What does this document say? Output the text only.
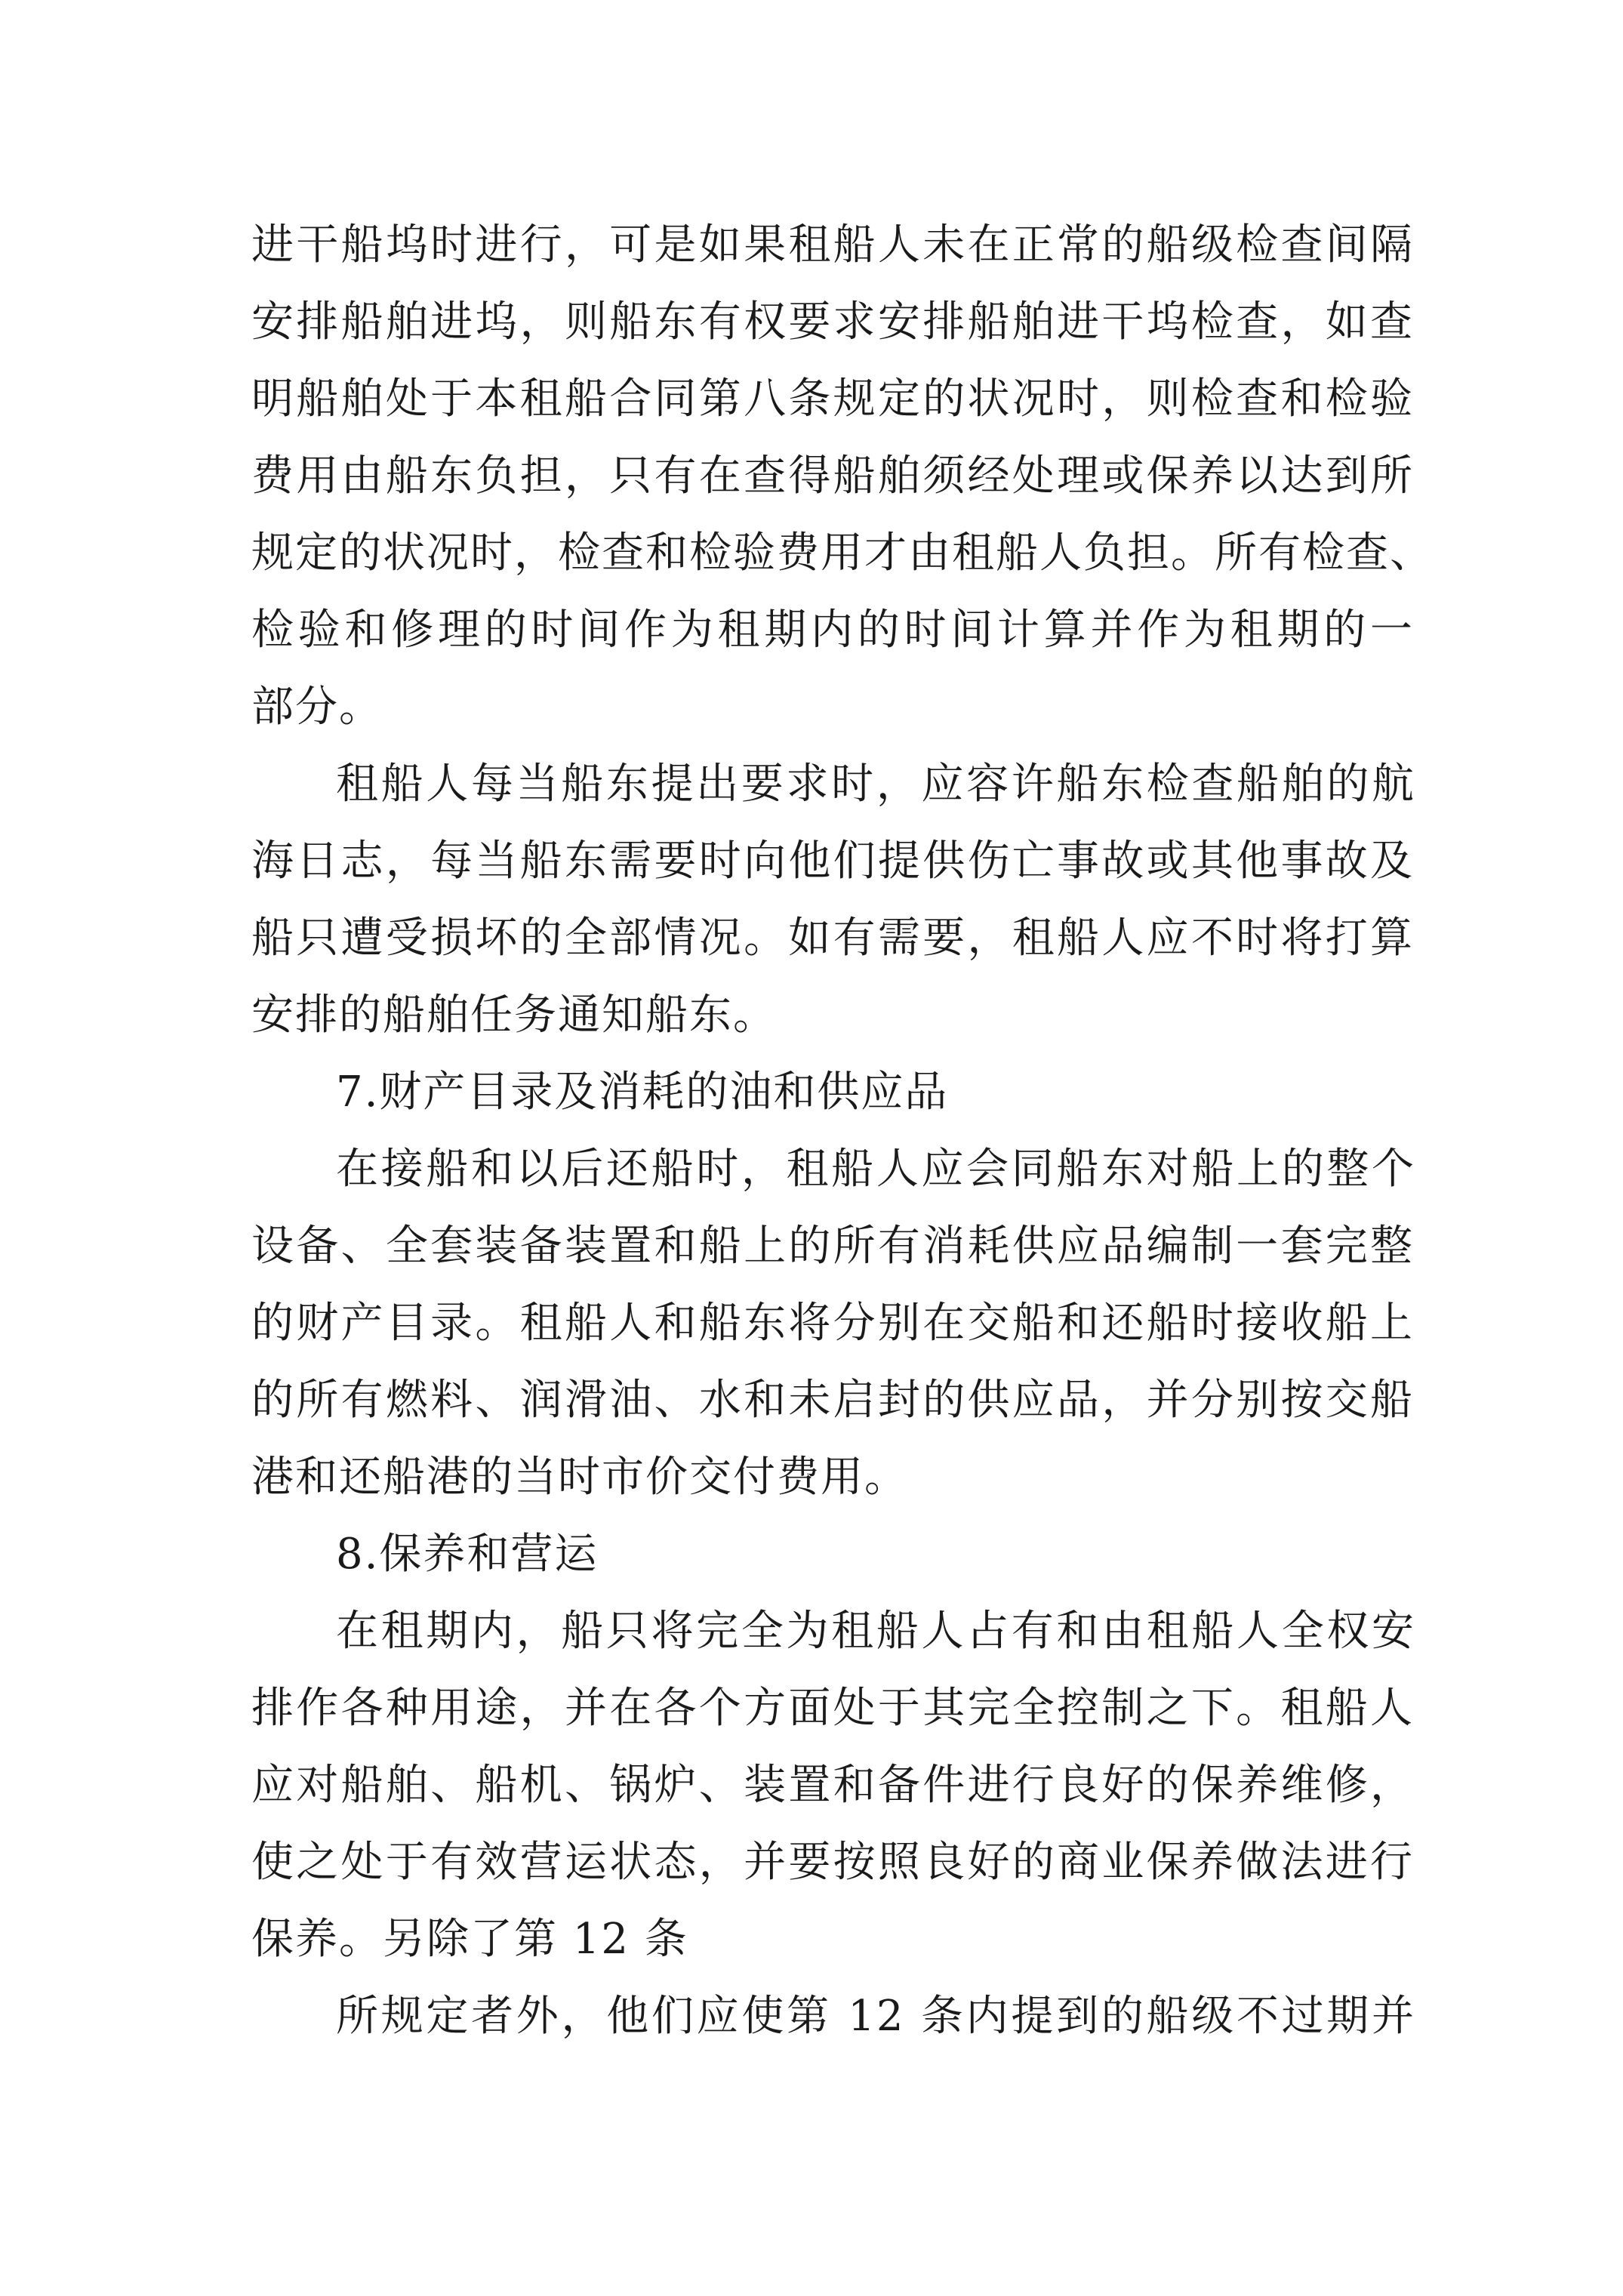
进干船坞时进行，可是如果租船人未在正常的船级检查间隔
安排船舶进坞，则船东有权要求安排船舶进干坞检查，如查
明船舶处于本租船合同第八条规定的状况时，则检查和检验
费用由船东负担，只有在查得船舶须经处理或保养以达到所
规定的状况时，检查和检验费用才由租船人负担。所有检查、
检验和修理的时间作为租期内的时间计算并作为租期的一
部分。
租船人每当船东提出要求时，应容许船东检查船舶的航
海日志，每当船东需要时向他们提供伤亡事故或其他事故及
船只遭受损坏的全部情况。如有需要，租船人应不时将打算
安排的船舶任务通知船东。
7.财产目录及消耗的油和供应品
在接船和以后还船时，租船人应会同船东对船上的整个
设备、全套装备装置和船上的所有消耗供应品编制一套完整
的财产目录。租船人和船东将分别在交船和还船时接收船上
的所有燃料、润滑油、水和未启封的供应品，并分别按交船
港和还船港的当时市价交付费用。
8.保养和营运
在租期内，船只将完全为租船人占有和由租船人全权安
排作各种用途，并在各个方面处于其完全控制之下。租船人
应对船舶、船机、锅炉、装置和备件进行良好的保养维修，
使之处于有效营运状态，并要按照良好的商业保养做法进行
保养。另除了第 12 条
所规定者外，他们应使第 12 条内提到的船级不过期并
